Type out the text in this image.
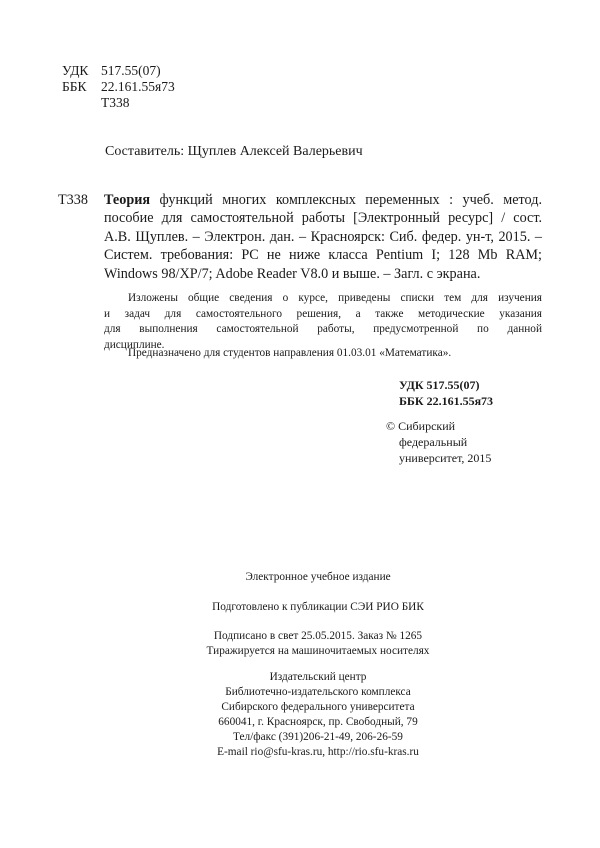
УДК 517.55(07)
ББК 22.161.55я73
Т338
Составитель: Щуплев Алексей Валерьевич
Т338 Теория функций многих комплексных переменных : учеб. метод.
пособие для самостоятельной работы [Электронный ресурс] / сост.
А.В. Щуплев. – Электрон. дан. – Красноярск: Сиб. федер. ун-т, 2015. –
Систем. требования: PC не ниже класса Pentium I; 128 Mb RAM;
Windows 98/XP/7; Adobe Reader V8.0 и выше. – Загл. с экрана.
Изложены общие сведения о курсе, приведены списки тем для изучения
и задач для самостоятельного решения, а также методические указания
для выполнения самостоятельной работы, предусмотренной по данной
дисциплине.
Предназначено для студентов направления 01.03.01 «Математика».
УДК 517.55(07)
ББК 22.161.55я73
© Сибирский
федеральный
университет, 2015
Электронное учебное издание
Подготовлено к публикации СЭИ РИО БИК
Подписано в свет 25.05.2015. Заказ № 1265
Тиражируется на машиночитаемых носителях
Издательский центр
Библиотечно-издательского комплекса
Сибирского федерального университета
660041, г. Красноярск, пр. Свободный, 79
Тел/факс (391)206-21-49, 206-26-59
E-mail rio@sfu-kras.ru, http://rio.sfu-kras.ru
